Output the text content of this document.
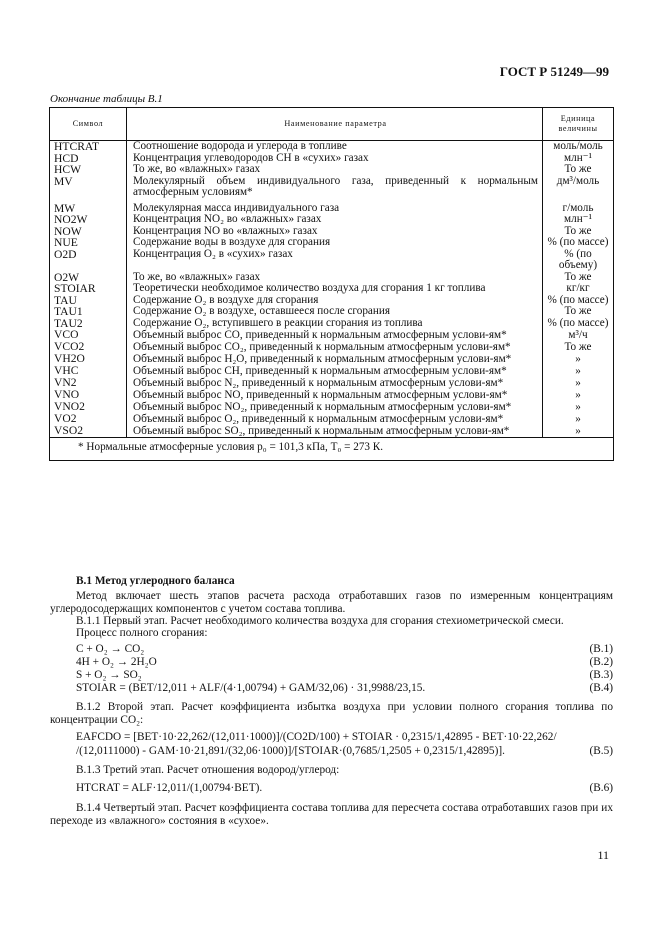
ГОСТ Р 51249—99
Окончание таблицы В.1
Символ	Наименование параметра	Единица величины
HTCRAT	Соотношение водорода и углерода в топливе	моль/моль
HCD	Концентрация углеводородов CH в «сухих» газах	млн⁻¹
HCW	То же, во «влажных» газах	То же
MV	Молекулярный объем индивидуального газа, приведенный к нормальным атмосферным условиям*	дм³/моль
MW	Молекулярная масса индивидуального газа	г/моль
NO2W	Концентрация NO₂ во «влажных» газах	млн⁻¹
NOW	Концентрация NO во «влажных» газах	То же
NUE	Содержание воды в воздухе для сгорания	% (по массе)
O2D	Концентрация O₂ в «сухих» газах	% (по объему)
O2W	То же, во «влажных» газах	То же
STOIAR	Теоретически необходимое количество воздуха для сгорания 1 кг топлива	кг/кг
TAU	Содержание O₂ в воздухе для сгорания	% (по массе)
TAU1	Содержание O₂ в воздухе, оставшееся после сгорания	То же
TAU2	Содержание O₂, вступившего в реакции сгорания из топлива	% (по массе)
VCO	Объемный выброс CO, приведенный к нормальным атмосферным услови-ям*	м³/ч
VCO2	Объемный выброс CO₂, приведенный к нормальным атмосферным услови-ям*	То же
VH2O	Объемный выброс H₂O, приведенный к нормальным атмосферным услови-ям*	»
VHC	Объемный выброс CH, приведенный к нормальным атмосферным услови-ям*	»
VN2	Объемный выброс N₂, приведенный к нормальным атмосферным услови-ям*	»
VNO	Объемный выброс NO, приведенный к нормальным атмосферным услови-ям*	»
VNO2	Объемный выброс NO₂, приведенный к нормальным атмосферным услови-ям*	»
VO2	Объемный выброс O₂, приведенный к нормальным атмосферным услови-ям*	»
VSO2	Объемный выброс SO₂, приведенный к нормальным атмосферным услови-ям*	»
* Нормальные атмосферные условия p₀ = 101,3 кПа, T₀ = 273 К.		

В.1 Метод углеродного баланса

Метод включает шесть этапов расчета расхода отработавших газов по измеренным концентрациям углеродосодержащих компонентов с учетом состава топлива.
В.1.1 Первый этап. Расчет необходимого количества воздуха для сгорания стехиометрической смеси.
Процесс полного сгорания:
C + O₂ → CO₂	(В.1)
4H + O₂ → 2H₂O	(В.2)
S + O₂ → SO₂	(В.3)
STOIAR = (BET/12,011 + ALF/(4·1,00794) + GAM/32,06) · 31,9988/23,15.	(В.4)
В.1.2 Второй этап. Расчет коэффициента избытка воздуха при условии полного сгорания топлива по концентрации CO₂:
EAFCDO = [BET·10·22,262/(12,011·1000)]/(CO2D/100) + STOIAR · 0,2315/1,42895 - BET·10·22,262/
/(12,0111000) - GAM·10·21,891/(32,06·1000)]/[STOIAR·(0,7685/1,2505 + 0,2315/1,42895)].	(В.5)
В.1.3 Третий этап. Расчет отношения водород/углерод:
HTCRAT = ALF·12,011/(1,00794·BET).	(В.6)
В.1.4 Четвертый этап. Расчет коэффициента состава топлива для пересчета состава отработавших газов при их переходе из «влажного» состояния в «сухое».
11
